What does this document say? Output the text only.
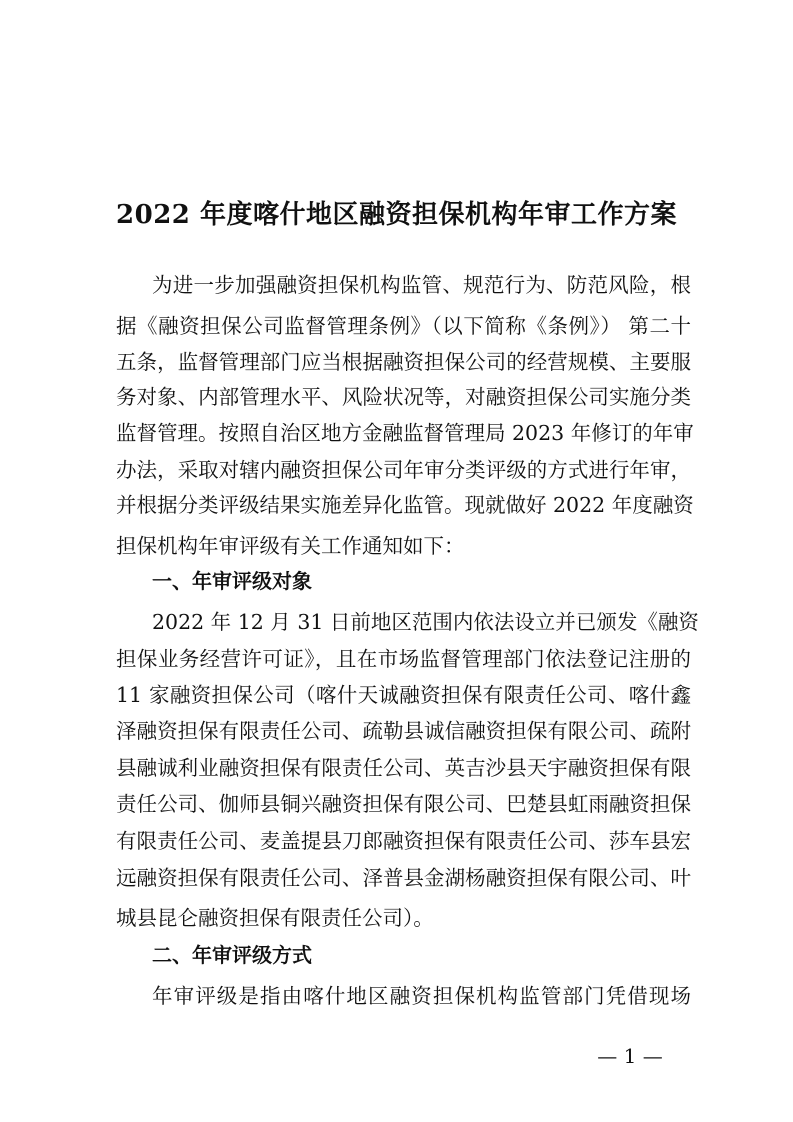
2022 年度喀什地区融资担保机构年审工作方案
为进一步加强融资担保机构监管、规范行为、防范风险，根
据《融资担保公司监督管理条例》（以下简称《条例》） 第二十
五条，监督管理部门应当根据融资担保公司的经营规模、主要服
务对象、内部管理水平、风险状况等，对融资担保公司实施分类
监督管理。按照自治区地方金融监督管理局 2023 年修订的年审
办法，采取对辖内融资担保公司年审分类评级的方式进行年审，
并根据分类评级结果实施差异化监管。现就做好 2022 年度融资
担保机构年审评级有关工作通知如下：
一、年审评级对象
2022 年 12 月 31 日前地区范围内依法设立并已颁发《融资
担保业务经营许可证》，且在市场监督管理部门依法登记注册的
11 家融资担保公司（喀什天诚融资担保有限责任公司、喀什鑫
泽融资担保有限责任公司、疏勒县诚信融资担保有限公司、疏附
县融诚利业融资担保有限责任公司、英吉沙县天宇融资担保有限
责任公司、伽师县铜兴融资担保有限公司、巴楚县虹雨融资担保
有限责任公司、麦盖提县刀郎融资担保有限责任公司、莎车县宏
远融资担保有限责任公司、泽普县金湖杨融资担保有限公司、叶
城县昆仑融资担保有限责任公司）。
二、年审评级方式
年审评级是指由喀什地区融资担保机构监管部门凭借现场
— 1 —
